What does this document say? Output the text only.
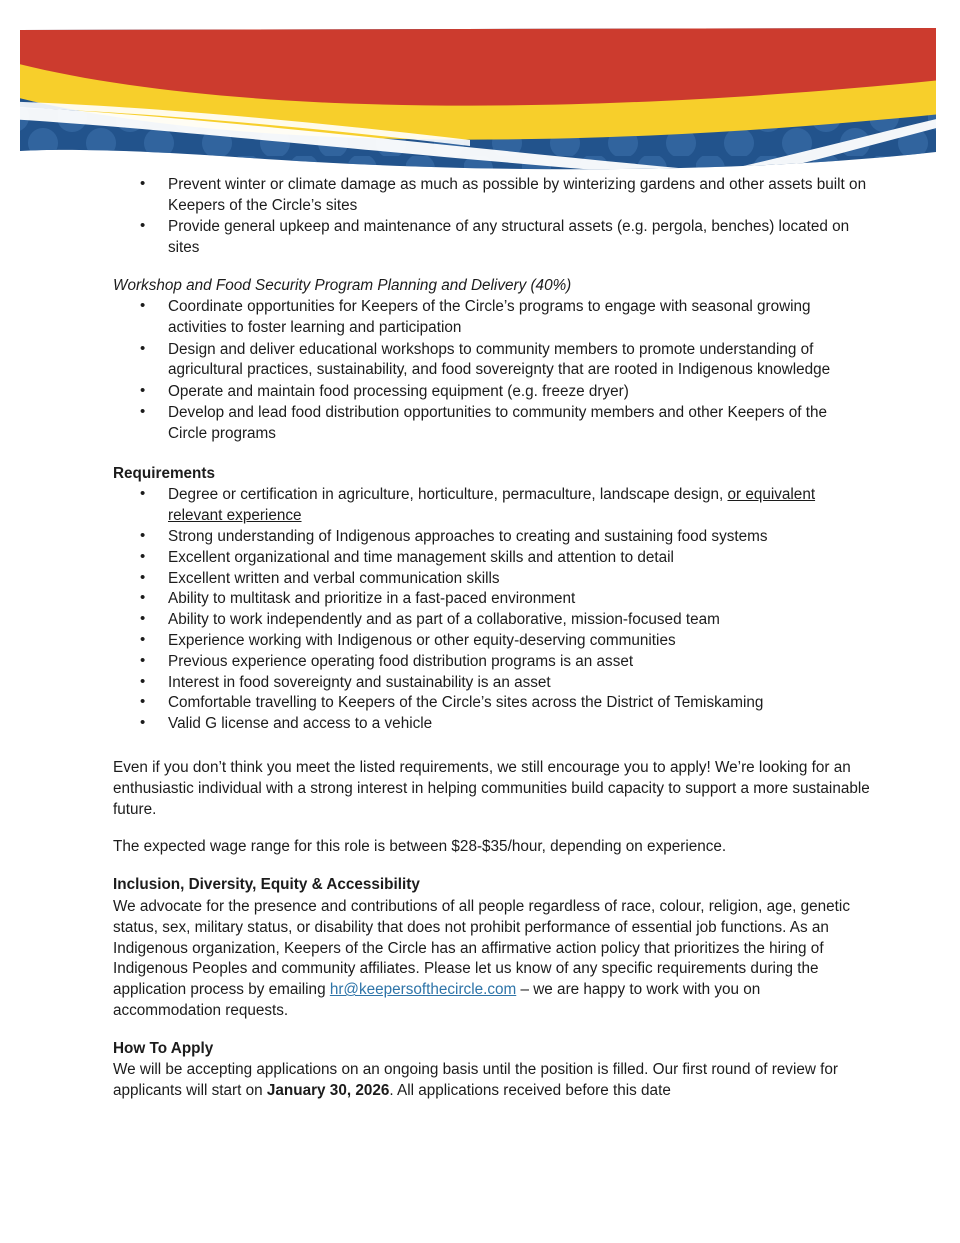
• Prevent winter or climate damage as much as possible by winterizing gardens and other assets built on Keepers of the Circle’s sites
• Provide general upkeep and maintenance of any structural assets (e.g. pergola, benches) located on sites
Workshop and Food Security Program Planning and Delivery (40%)
• Coordinate opportunities for Keepers of the Circle’s programs to engage with seasonal growing activities to foster learning and participation
• Design and deliver educational workshops to community members to promote understanding of agricultural practices, sustainability, and food sovereignty that are rooted in Indigenous knowledge
• Operate and maintain food processing equipment (e.g. freeze dryer)
• Develop and lead food distribution opportunities to community members and other Keepers of the Circle programs
Requirements
• Degree or certification in agriculture, horticulture, permaculture, landscape design, or equivalent relevant experience
• Strong understanding of Indigenous approaches to creating and sustaining food systems
• Excellent organizational and time management skills and attention to detail
• Excellent written and verbal communication skills
• Ability to multitask and prioritize in a fast-paced environment
• Ability to work independently and as part of a collaborative, mission-focused team
• Experience working with Indigenous or other equity-deserving communities
• Previous experience operating food distribution programs is an asset
• Interest in food sovereignty and sustainability is an asset
• Comfortable travelling to Keepers of the Circle’s sites across the District of Temiskaming
• Valid G license and access to a vehicle

Even if you don’t think you meet the listed requirements, we still encourage you to apply! We’re looking for an enthusiastic individual with a strong interest in helping communities build capacity to support a more sustainable future.

The expected wage range for this role is between $28-$35/hour, depending on experience.

Inclusion, Diversity, Equity & Accessibility

We advocate for the presence and contributions of all people regardless of race, colour, religion, age, genetic status, sex, military status, or disability that does not prohibit performance of essential job functions. As an Indigenous organization, Keepers of the Circle has an affirmative action policy that prioritizes the hiring of Indigenous Peoples and community affiliates. Please let us know of any specific requirements during the application process by emailing hr@keepersofthecircle.com – we are happy to work with you on accommodation requests.

How To Apply

We will be accepting applications on an ongoing basis until the position is filled. Our first round of review for applicants will start on January 30, 2026. All applications received before this date
